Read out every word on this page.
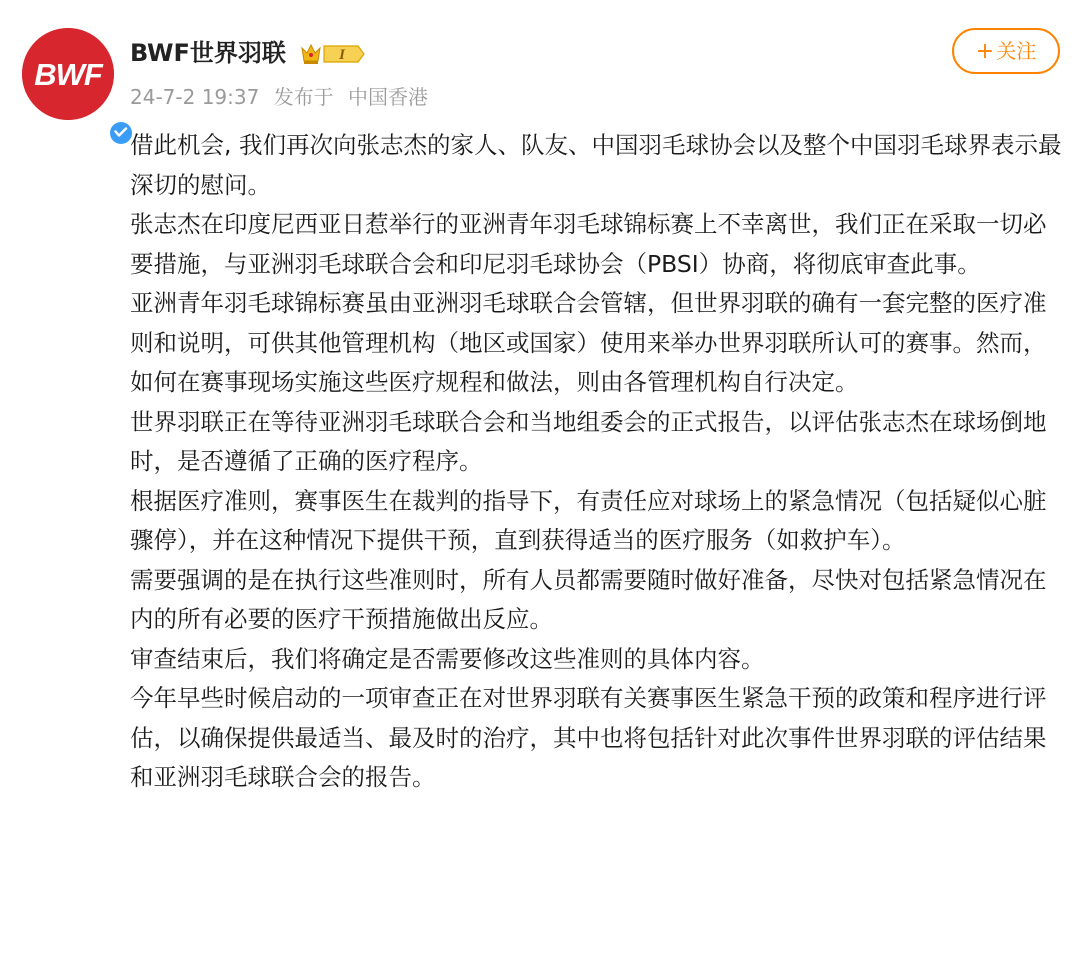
BWF
BWF世界羽联	I
24-7-2 19:37 发布于 中国香港
+ 关注

借此机会, 我们再次向张志杰的家人、队友、中国羽毛球协会以及整个中国羽毛球界表示最深切的慰问。

张志杰在印度尼西亚日惹举行的亚洲青年羽毛球锦标赛上不幸离世，我们正在采取一切必要措施，与亚洲羽毛球联合会和印尼羽毛球协会（PBSI）协商，将彻底审查此事。

亚洲青年羽毛球锦标赛虽由亚洲羽毛球联合会管辖，但世界羽联的确有一套完整的医疗准则和说明，可供其他管理机构（地区或国家）使用来举办世界羽联所认可的赛事。然而，如何在赛事现场实施这些医疗规程和做法，则由各管理机构自行决定。

世界羽联正在等待亚洲羽毛球联合会和当地组委会的正式报告，以评估张志杰在球场倒地时，是否遵循了正确的医疗程序。

根据医疗准则，赛事医生在裁判的指导下，有责任应对球场上的紧急情况（包括疑似心脏骤停），并在这种情况下提供干预，直到获得适当的医疗服务（如救护车）。

需要强调的是在执行这些准则时，所有人员都需要随时做好准备，尽快对包括紧急情况在内的所有必要的医疗干预措施做出反应。

审查结束后，我们将确定是否需要修改这些准则的具体内容。

今年早些时候启动的一项审查正在对世界羽联有关赛事医生紧急干预的政策和程序进行评估，以确保提供最适当、最及时的治疗，其中也将包括针对此次事件世界羽联的评估结果和亚洲羽毛球联合会的报告。
